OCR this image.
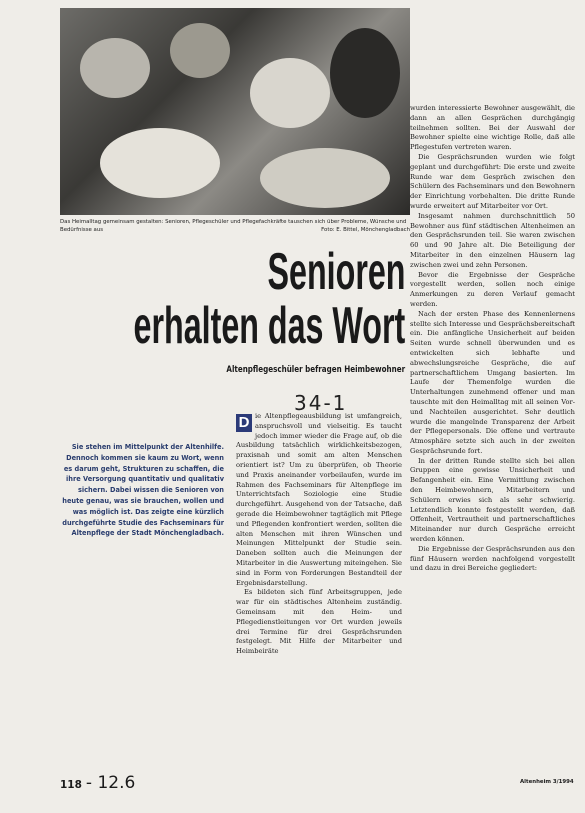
Das Heimalltag gemeinsam gestalten: Senioren, Pflegeschüler und Pflegefachkräfte tauschen sich über Probleme, Wünsche und Bedürfnisse aus	Foto: E. Bittel, Mönchengladbach
Senioren
erhalten das Wort
Altenpflegeschüler befragen Heimbewohner
34-1
Sie stehen im Mittelpunkt der Altenhilfe. Dennoch kommen sie kaum zu Wort, wenn es darum geht, Strukturen zu schaffen, die ihre Versorgung quantitativ und qualitativ sichern. Dabei wissen die Senioren von heute genau, was sie brauchen, wollen und was möglich ist. Das zeigte eine kürzlich durchgeführte Studie des Fachseminars für Altenpflege der Stadt Mönchengladbach.

D ie Altenpflegeausbildung ist umfangreich, anspruchsvoll und vielseitig. Es taucht jedoch immer wieder die Frage auf, ob die Ausbildung tatsächlich wirklichkeitsbezogen, praxisnah und somit am alten Menschen orientiert ist? Um zu überprüfen, ob Theorie und Praxis aneinander vorbeilaufen, wurde im Rahmen des Fachseminars für Altenpflege im Unterrichtsfach Soziologie eine Studie durchgeführt. Ausgehend von der Tatsache, daß gerade die Heimbewohner tagtäglich mit Pflege und Pflegenden konfrontiert werden, sollten die alten Menschen mit ihren Wünschen und Meinungen Mittelpunkt der Studie sein. Daneben sollten auch die Meinungen der Mitarbeiter in die Auswertung miteingehen. Sie sind in Form von Forderungen Bestandteil der Ergebnisdarstellung.

Es bildeten sich fünf Arbeitsgruppen, jede war für ein städtisches Altenheim zuständig. Gemeinsam mit den Heim- und Pflegedienstleitungen vor Ort wurden jeweils drei Termine für drei Gesprächsrunden festgelegt. Mit Hilfe der Mitarbeiter und Heimbeiräte

wurden interessierte Bewohner ausgewählt, die dann an allen Gesprächen durchgängig teilnehmen sollten. Bei der Auswahl der Bewohner spielte eine wichtige Rolle, daß alle Pflegestufen vertreten waren.

Die Gesprächsrunden wurden wie folgt geplant und durchgeführt: Die erste und zweite Runde war dem Gespräch zwischen den Schülern des Fachseminars und den Bewohnern der Einrichtung vorbehalten. Die dritte Runde wurde erweitert auf Mitarbeiter vor Ort.

Insgesamt nahmen durchschnittlich 50 Bewohner aus fünf städtischen Altenheimen an den Gesprächsrunden teil. Sie waren zwischen 60 und 90 Jahre alt. Die Beteiligung der Mitarbeiter in den einzelnen Häusern lag zwischen zwei und zehn Personen.

Bevor die Ergebnisse der Gespräche vorgestellt werden, sollen noch einige Anmerkungen zu deren Verlauf gemacht werden.

Nach der ersten Phase des Kennenlernens stellte sich Interesse und Gesprächsbereitschaft ein. Die anfängliche Unsicherheit auf beiden Seiten wurde schnell überwunden und es entwickelten sich lebhafte und abwechslungsreiche Gespräche, die auf partnerschaftlichem Umgang basierten. Im Laufe der Themenfolge wurden die Unterhaltungen zunehmend offener und man tauschte mit den Heimalltag mit all seinen Vor- und Nachteilen ausgerichtet. Sehr deutlich wurde die mangelnde Transparenz der Arbeit der Pflegepersonals. Die offene und vertraute Atmosphäre setzte sich auch in der zweiten Gesprächsrunde fort.

In der dritten Runde stellte sich bei allen Gruppen eine gewisse Unsicherheit und Befangenheit ein. Eine Vermittlung zwischen den Heimbewohnern, Mitarbeitern und Schülern erwies sich als sehr schwierig. Letztendlich konnte festgestellt werden, daß Offenheit, Vertrautheit und partnerschaftliches Miteinander nur durch Gespräche erreicht werden können.

Die Ergebnisse der Gesprächsrunden aus den fünf Häusern werden nachfolgend vorgestellt und dazu in drei Bereiche gegliedert:

118 - 12.6	Altenheim 3/1994
